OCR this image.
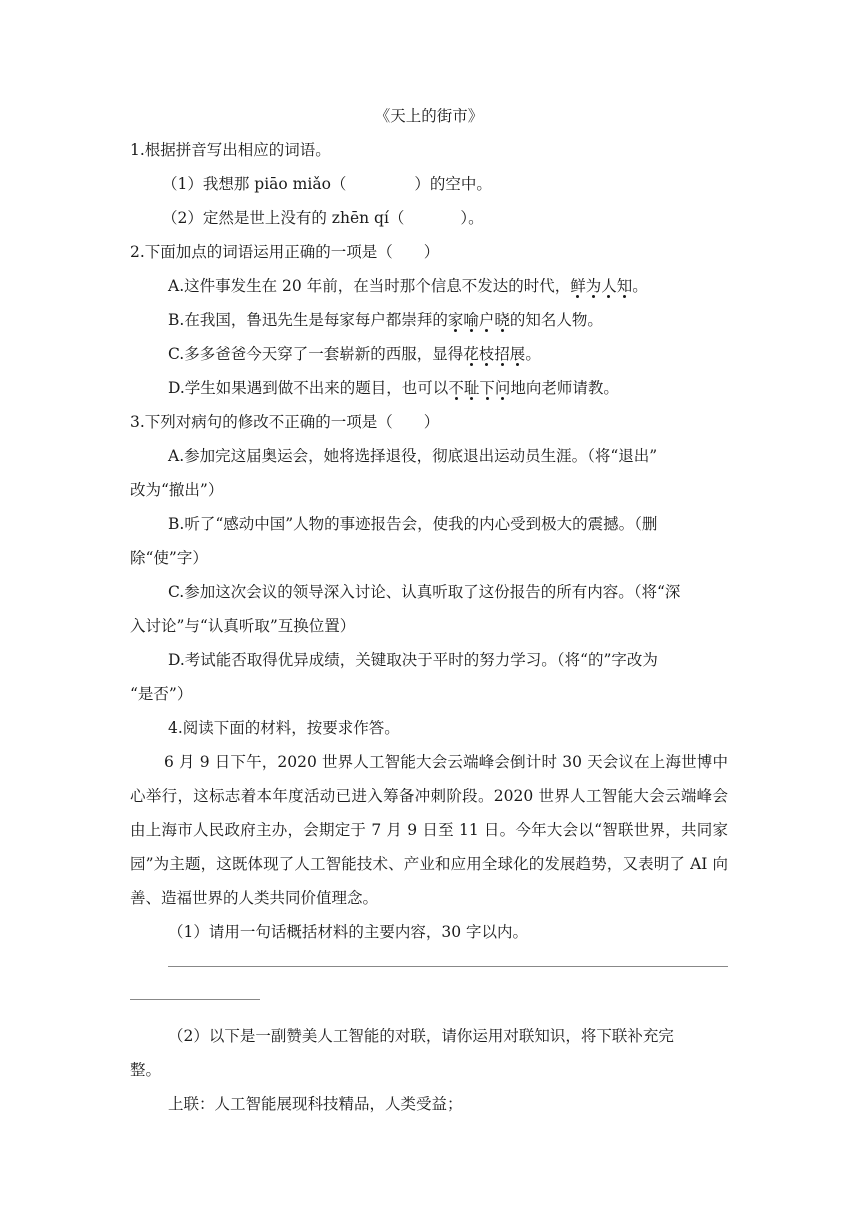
《天上的街市》
1.根据拼音写出相应的词语。
（1）我想那 piāo miǎo（	）的空中。
（2）定然是世上没有的 zhēn qí（	）。
2.下面加点的词语运用正确的一项是（　　）
A.这件事发生在 20 年前，在当时那个信息不发达的时代，鲜为人知。
B.在我国，鲁迅先生是每家每户都崇拜的家喻户晓的知名人物。
C.多多爸爸今天穿了一套崭新的西服，显得花枝招展。
D.学生如果遇到做不出来的题目，也可以不耻下问地向老师请教。
3.下列对病句的修改不正确的一项是（　　）
A.参加完这届奥运会，她将选择退役，彻底退出运动员生涯。（将“退出”
改为“撤出”）
B.听了“感动中国”人物的事迹报告会，使我的内心受到极大的震撼。（删
除“使”字）
C.参加这次会议的领导深入讨论、认真听取了这份报告的所有内容。（将“深
入讨论”与“认真听取”互换位置）
D.考试能否取得优异成绩，关键取决于平时的努力学习。（将“的”字改为
“是否”）
4.阅读下面的材料，按要求作答。
6 月 9 日下午，2020 世界人工智能大会云端峰会倒计时 30 天会议在上海世博中心举行，这标志着本年度活动已进入筹备冲刺阶段。2020 世界人工智能大会云端峰会由上海市人民政府主办，会期定于 7 月 9 日至 11 日。今年大会以“智联世界，共同家园”为主题，这既体现了人工智能技术、产业和应用全球化的发展趋势，又表明了 AI 向善、造福世界的人类共同价值理念。
（1）请用一句话概括材料的主要内容，30 字以内。
（2）以下是一副赞美人工智能的对联，请你运用对联知识，将下联补充完
整。
上联：人工智能展现科技精品，人类受益；
